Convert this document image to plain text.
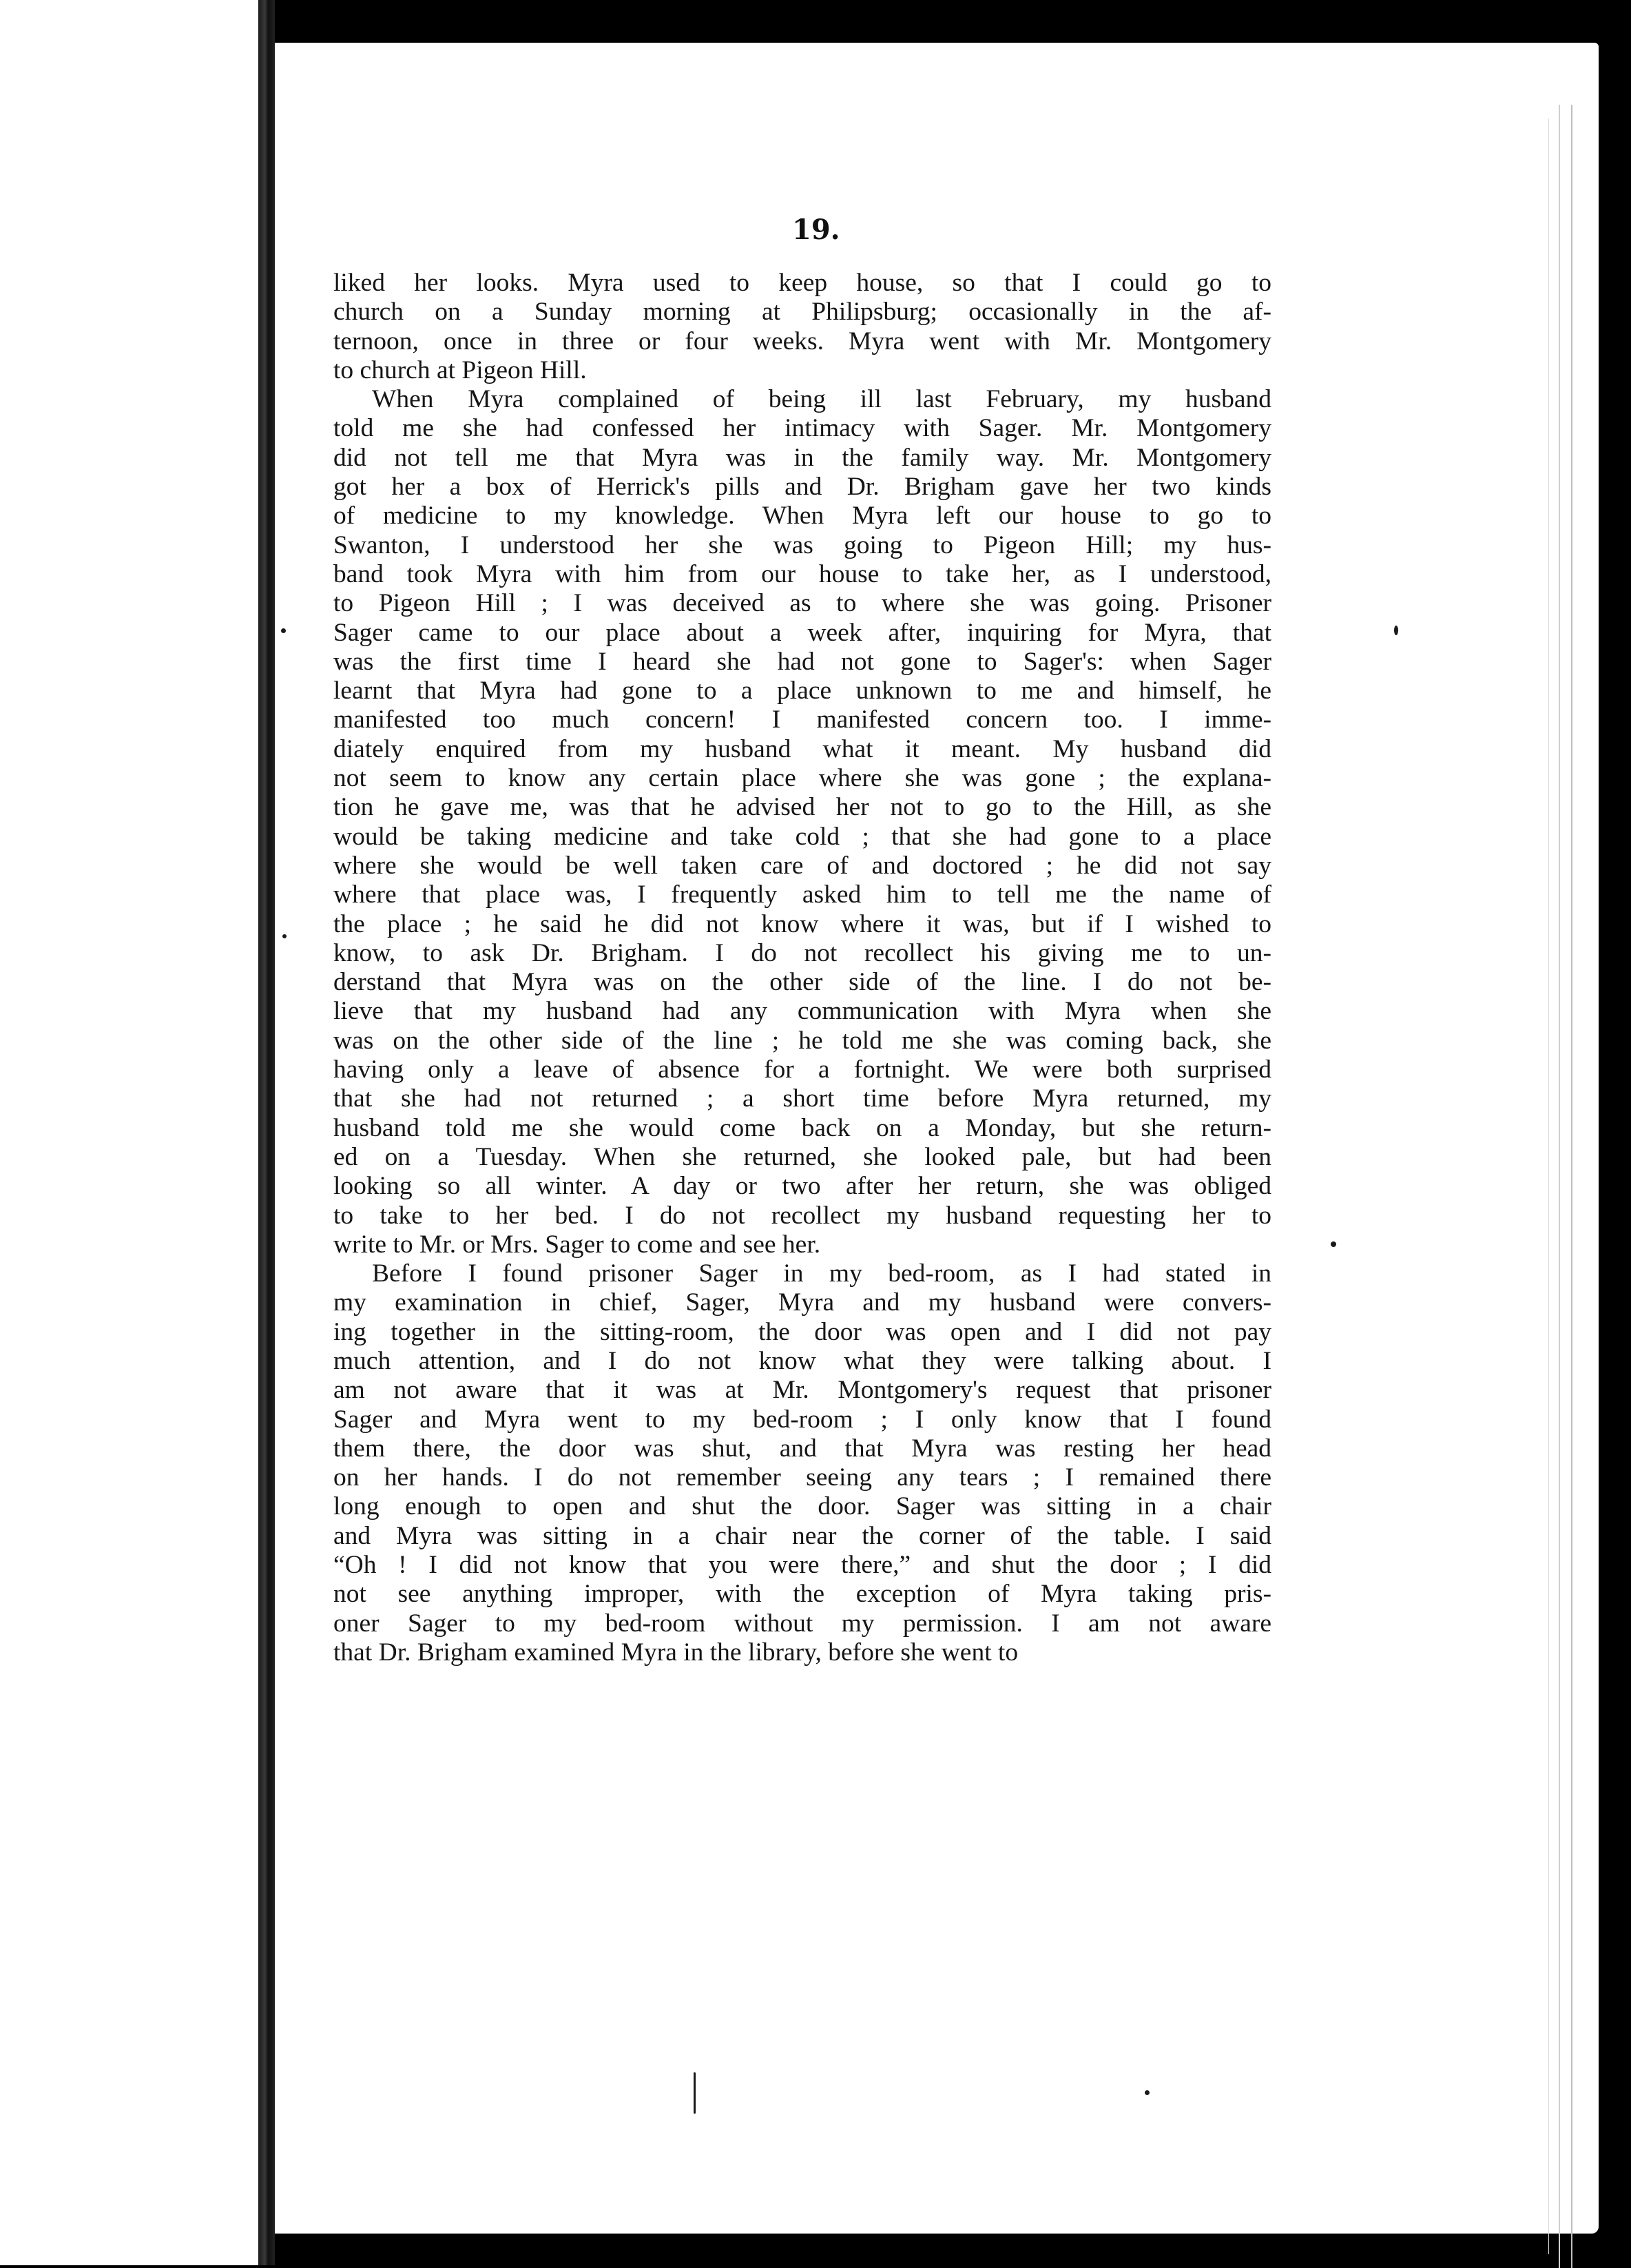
19.
liked her looks. Myra used to keep house, so that I could go to
church on a Sunday morning at Philipsburg; occasionally in the af-
ternoon, once in three or four weeks. Myra went with Mr. Montgomery
to church at Pigeon Hill.
When Myra complained of being ill last February, my husband
told me she had confessed her intimacy with Sager. Mr. Montgomery
did not tell me that Myra was in the family way. Mr. Montgomery
got her a box of Herrick's pills and Dr. Brigham gave her two kinds
of medicine to my knowledge. When Myra left our house to go to
Swanton, I understood her she was going to Pigeon Hill; my hus-
band took Myra with him from our house to take her, as I understood,
to Pigeon Hill ; I was deceived as to where she was going. Prisoner
Sager came to our place about a week after, inquiring for Myra, that
was the first time I heard she had not gone to Sager's: when Sager
learnt that Myra had gone to a place unknown to me and himself, he
manifested too much concern! I manifested concern too. I imme-
diately enquired from my husband what it meant. My husband did
not seem to know any certain place where she was gone ; the explana-
tion he gave me, was that he advised her not to go to the Hill, as she
would be taking medicine and take cold ; that she had gone to a place
where she would be well taken care of and doctored ; he did not say
where that place was, I frequently asked him to tell me the name of
the place ; he said he did not know where it was, but if I wished to
know, to ask Dr. Brigham. I do not recollect his giving me to un-
derstand that Myra was on the other side of the line. I do not be-
lieve that my husband had any communication with Myra when she
was on the other side of the line ; he told me she was coming back, she
having only a leave of absence for a fortnight. We were both surprised
that she had not returned ; a short time before Myra returned, my
husband told me she would come back on a Monday, but she return-
ed on a Tuesday. When she returned, she looked pale, but had been
looking so all winter. A day or two after her return, she was obliged
to take to her bed. I do not recollect my husband requesting her to
write to Mr. or Mrs. Sager to come and see her.
Before I found prisoner Sager in my bed-room, as I had stated in
my examination in chief, Sager, Myra and my husband were convers-
ing together in the sitting-room, the door was open and I did not pay
much attention, and I do not know what they were talking about. I
am not aware that it was at Mr. Montgomery's request that prisoner
Sager and Myra went to my bed-room ; I only know that I found
them there, the door was shut, and that Myra was resting her head
on her hands. I do not remember seeing any tears ; I remained there
long enough to open and shut the door. Sager was sitting in a chair
and Myra was sitting in a chair near the corner of the table. I said
“Oh ! I did not know that you were there,” and shut the door ; I did
not see anything improper, with the exception of Myra taking pris-
oner Sager to my bed-room without my permission. I am not aware
that Dr. Brigham examined Myra in the library, before she went to
